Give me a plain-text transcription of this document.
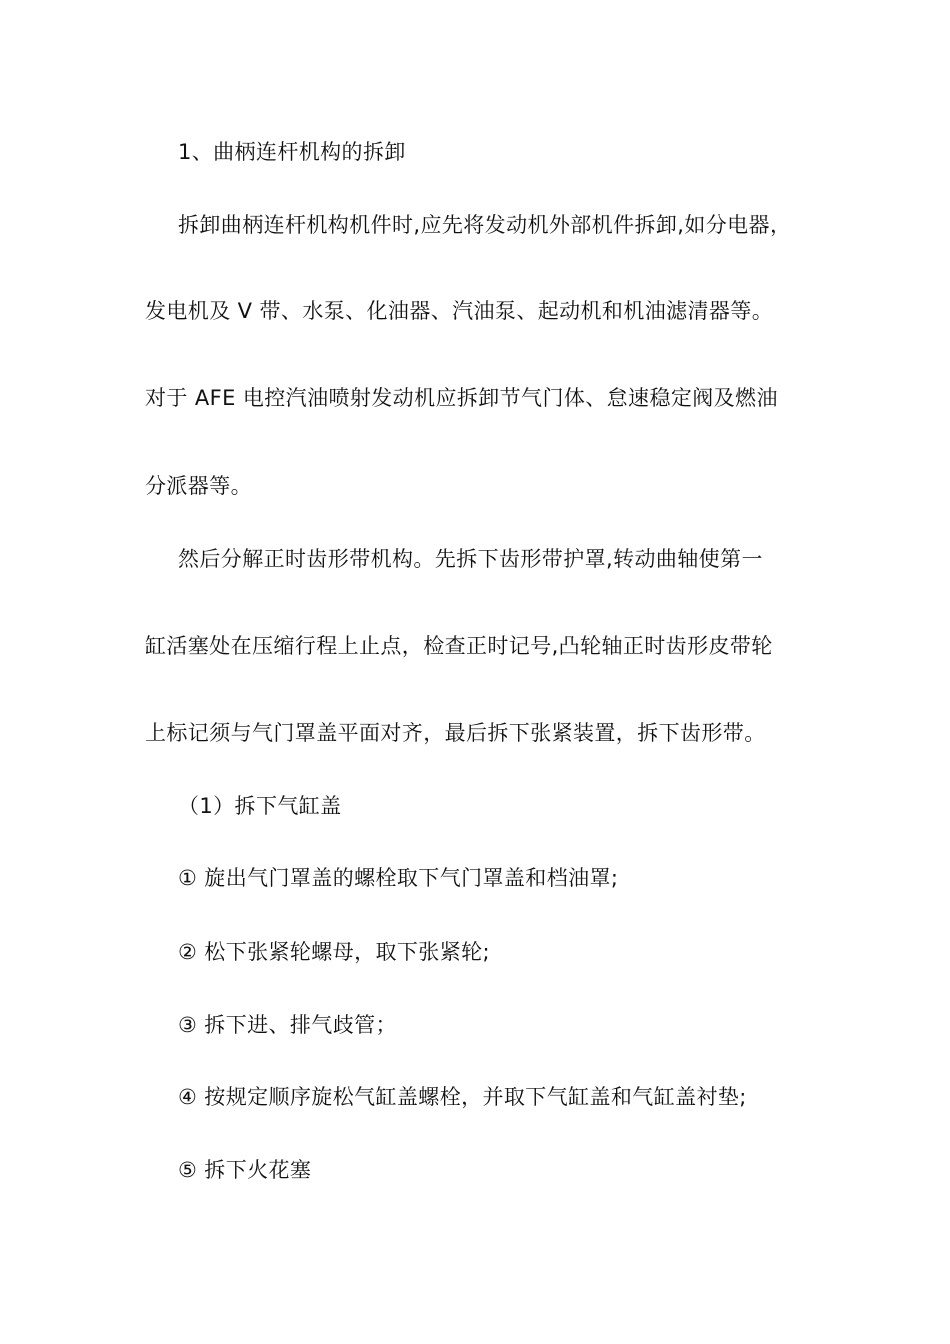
1、曲柄连杆机构的拆卸
拆卸曲柄连杆机构机件时,应先将发动机外部机件拆卸,如分电器，
发电机及 V 带、水泵、化油器、汽油泵、起动机和机油滤清器等。
对于 AFE 电控汽油喷射发动机应拆卸节气门体、怠速稳定阀及燃油
分派器等。
然后分解正时齿形带机构。先拆下齿形带护罩,转动曲轴使第一
缸活塞处在压缩行程上止点，检查正时记号,凸轮轴正时齿形皮带轮
上标记须与气门罩盖平面对齐，最后拆下张紧装置，拆下齿形带。
（1）拆下气缸盖
① 旋出气门罩盖的螺栓取下气门罩盖和档油罩;
② 松下张紧轮螺母，取下张紧轮;
③ 拆下进、排气歧管；
④ 按规定顺序旋松气缸盖螺栓，并取下气缸盖和气缸盖衬垫;
⑤ 拆下火花塞
